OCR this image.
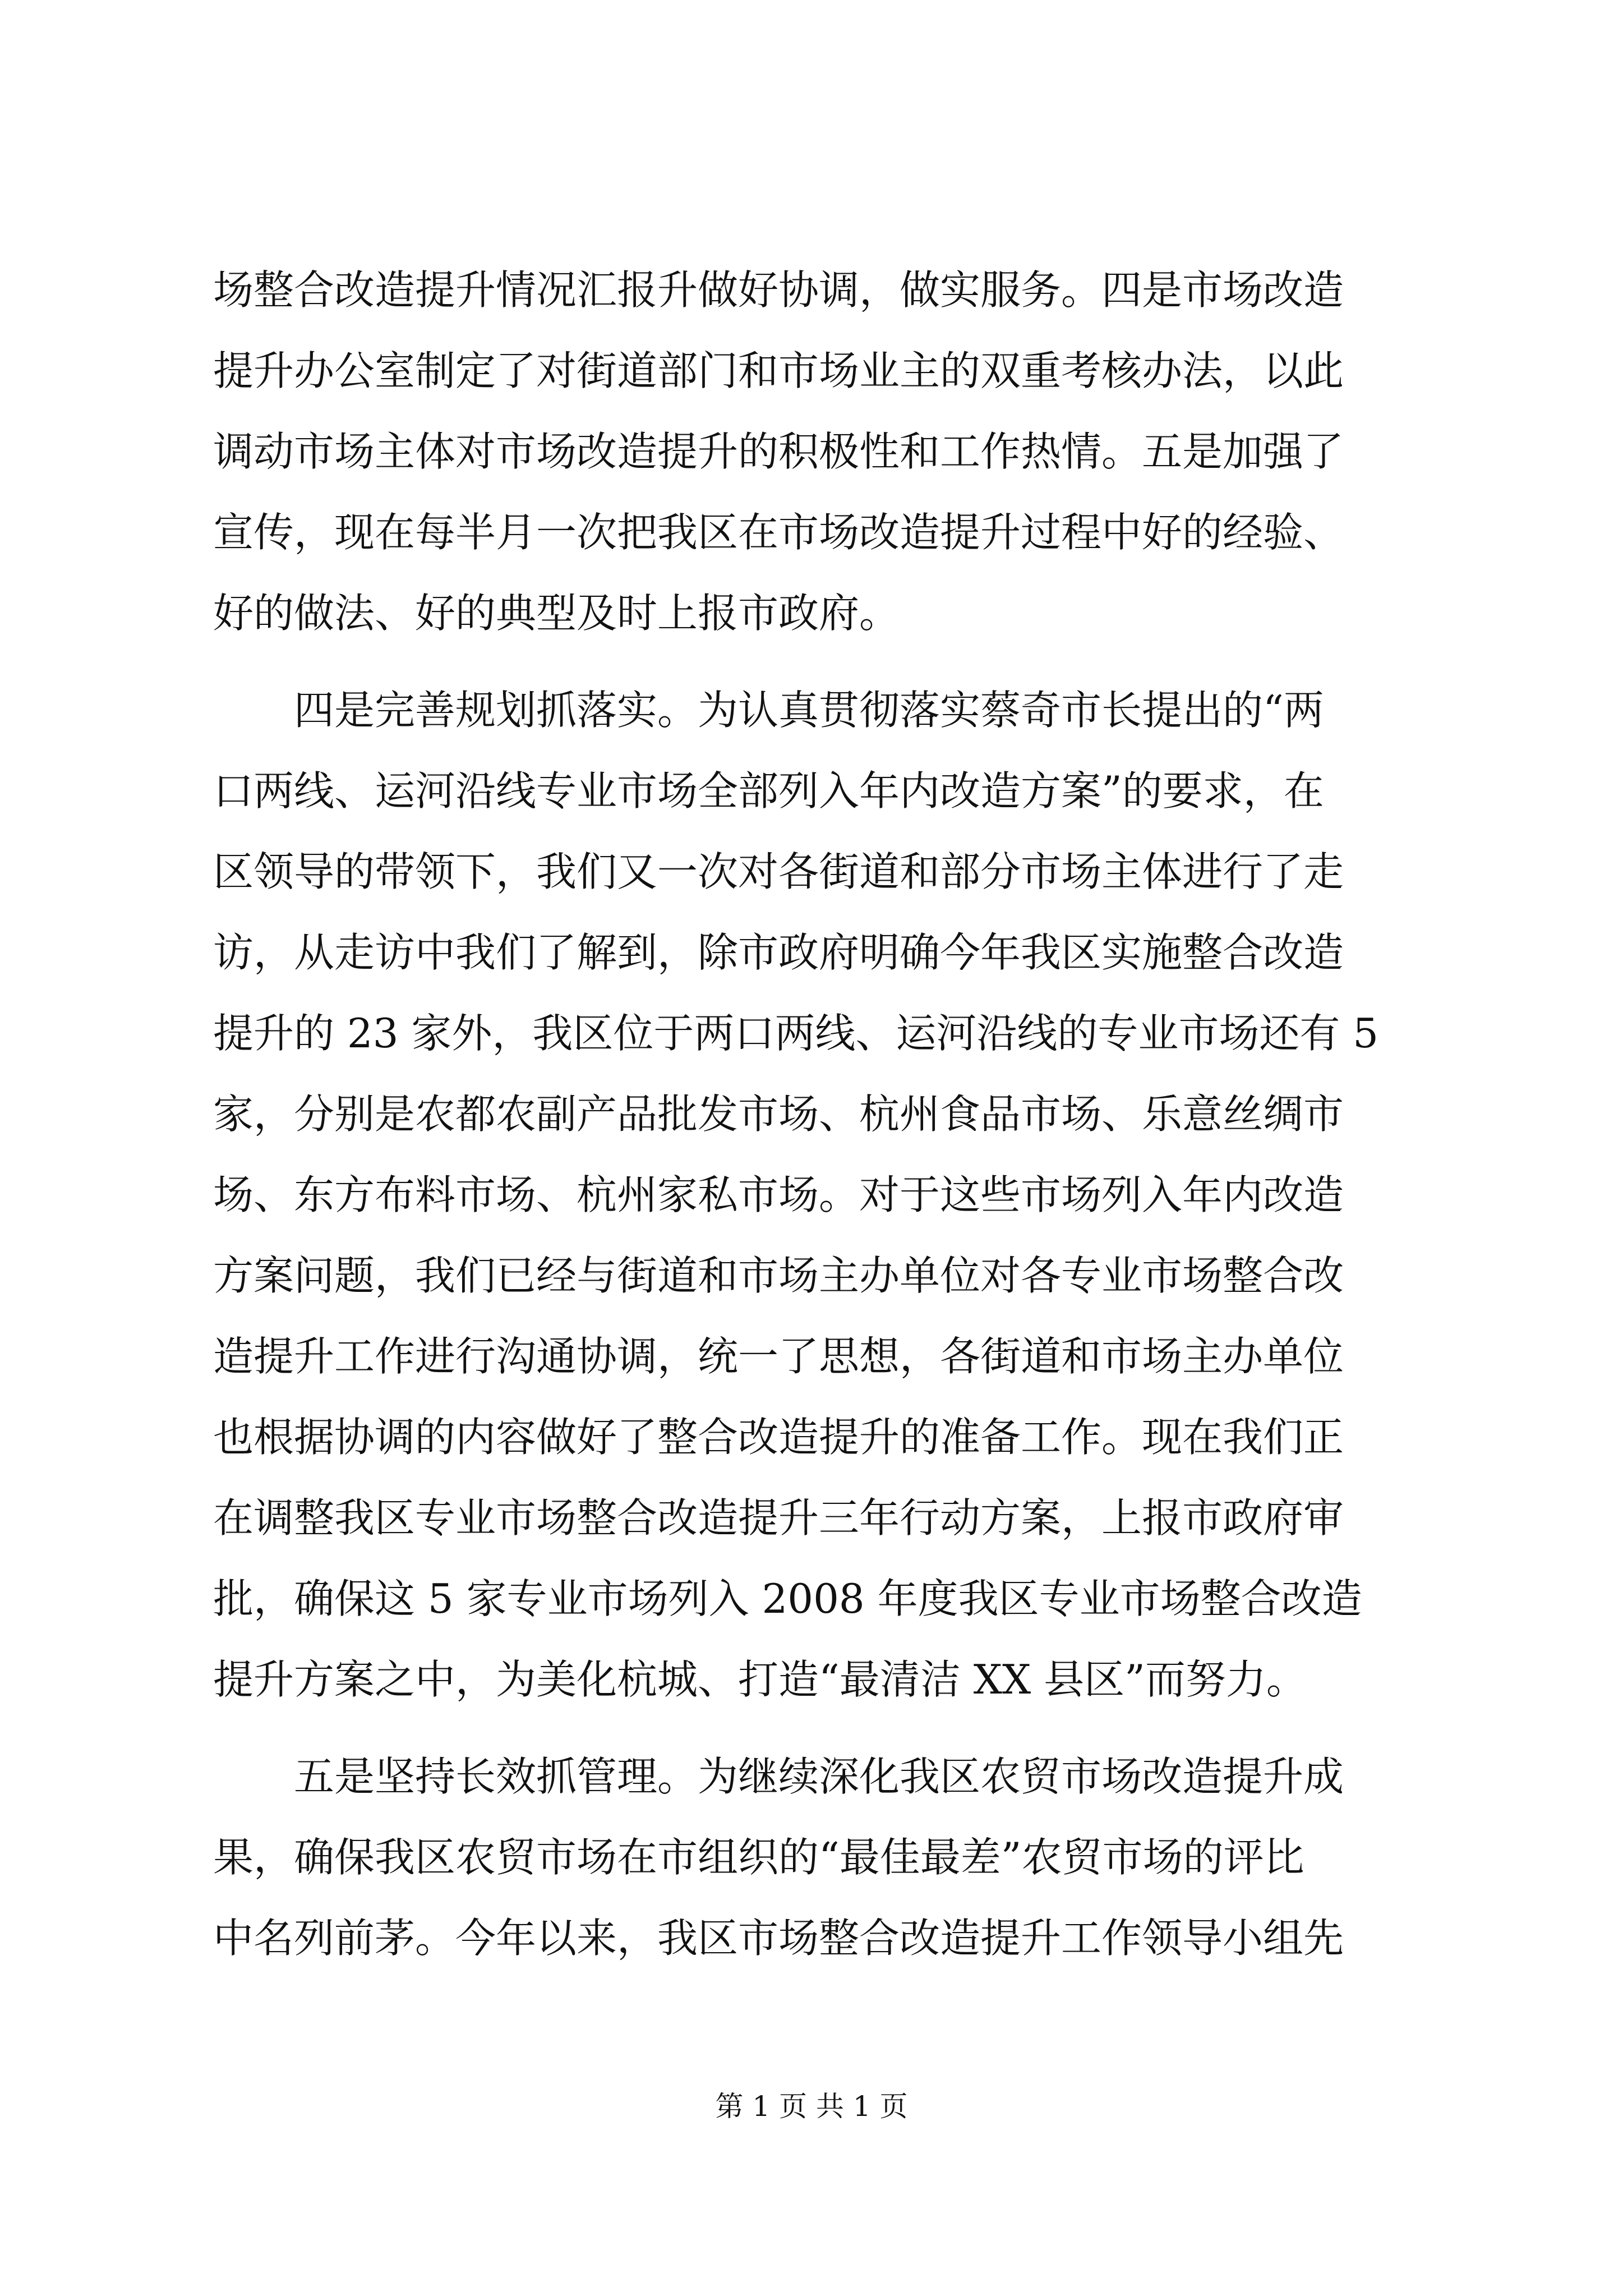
场整合改造提升情况汇报升做好协调，做实服务。四是市场改造
提升办公室制定了对街道部门和市场业主的双重考核办法，以此
调动市场主体对市场改造提升的积极性和工作热情。五是加强了
宣传，现在每半月一次把我区在市场改造提升过程中好的经验、
好的做法、好的典型及时上报市政府。
　　四是完善规划抓落实。为认真贯彻落实蔡奇市长提出的“两
口两线、运河沿线专业市场全部列入年内改造方案”的要求，在
区领导的带领下，我们又一次对各街道和部分市场主体进行了走
访，从走访中我们了解到，除市政府明确今年我区实施整合改造
提升的 23 家外，我区位于两口两线、运河沿线的专业市场还有 5
家，分别是农都农副产品批发市场、杭州食品市场、乐意丝绸市
场、东方布料市场、杭州家私市场。对于这些市场列入年内改造
方案问题，我们已经与街道和市场主办单位对各专业市场整合改
造提升工作进行沟通协调，统一了思想，各街道和市场主办单位
也根据协调的内容做好了整合改造提升的准备工作。现在我们正
在调整我区专业市场整合改造提升三年行动方案，上报市政府审
批，确保这 5 家专业市场列入 2008 年度我区专业市场整合改造
提升方案之中，为美化杭城、打造“最清洁 XX 县区”而努力。
　　五是坚持长效抓管理。为继续深化我区农贸市场改造提升成
果，确保我区农贸市场在市组织的“最佳最差”农贸市场的评比
中名列前茅。今年以来，我区市场整合改造提升工作领导小组先
第 1 页 共 1 页
